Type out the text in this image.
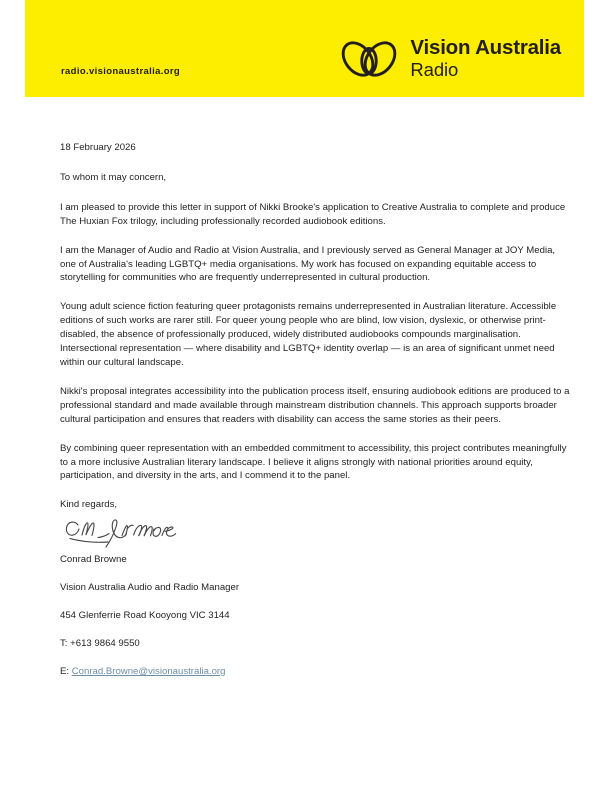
radio.visionaustralia.org
Vision Australia
Radio

18 February 2026

To whom it may concern,

I am pleased to provide this letter in support of Nikki Brooke's application to Creative Australia to complete and produce The Huxian Fox trilogy, including professionally recorded audiobook editions.

I am the Manager of Audio and Radio at Vision Australia, and I previously served as General Manager at JOY Media, one of Australia's leading LGBTQ+ media organisations. My work has focused on expanding equitable access to storytelling for communities who are frequently underrepresented in cultural production.

Young adult science fiction featuring queer protagonists remains underrepresented in Australian literature. Accessible editions of such works are rarer still. For queer young people who are blind, low vision, dyslexic, or otherwise print-disabled, the absence of professionally produced, widely distributed audiobooks compounds marginalisation. Intersectional representation — where disability and LGBTQ+ identity overlap — is an area of significant unmet need within our cultural landscape.

Nikki's proposal integrates accessibility into the publication process itself, ensuring audiobook editions are produced to a professional standard and made available through mainstream distribution channels. This approach supports broader cultural participation and ensures that readers with disability can access the same stories as their peers.

By combining queer representation with an embedded commitment to accessibility, this project contributes meaningfully to a more inclusive Australian literary landscape. I believe it aligns strongly with national priorities around equity, participation, and diversity in the arts, and I commend it to the panel.

Kind regards,

Conrad Browne

Vision Australia Audio and Radio Manager

454 Glenferrie Road Kooyong VIC 3144

T: +613 9864 9550

E: Conrad.Browne@visionaustralia.org
